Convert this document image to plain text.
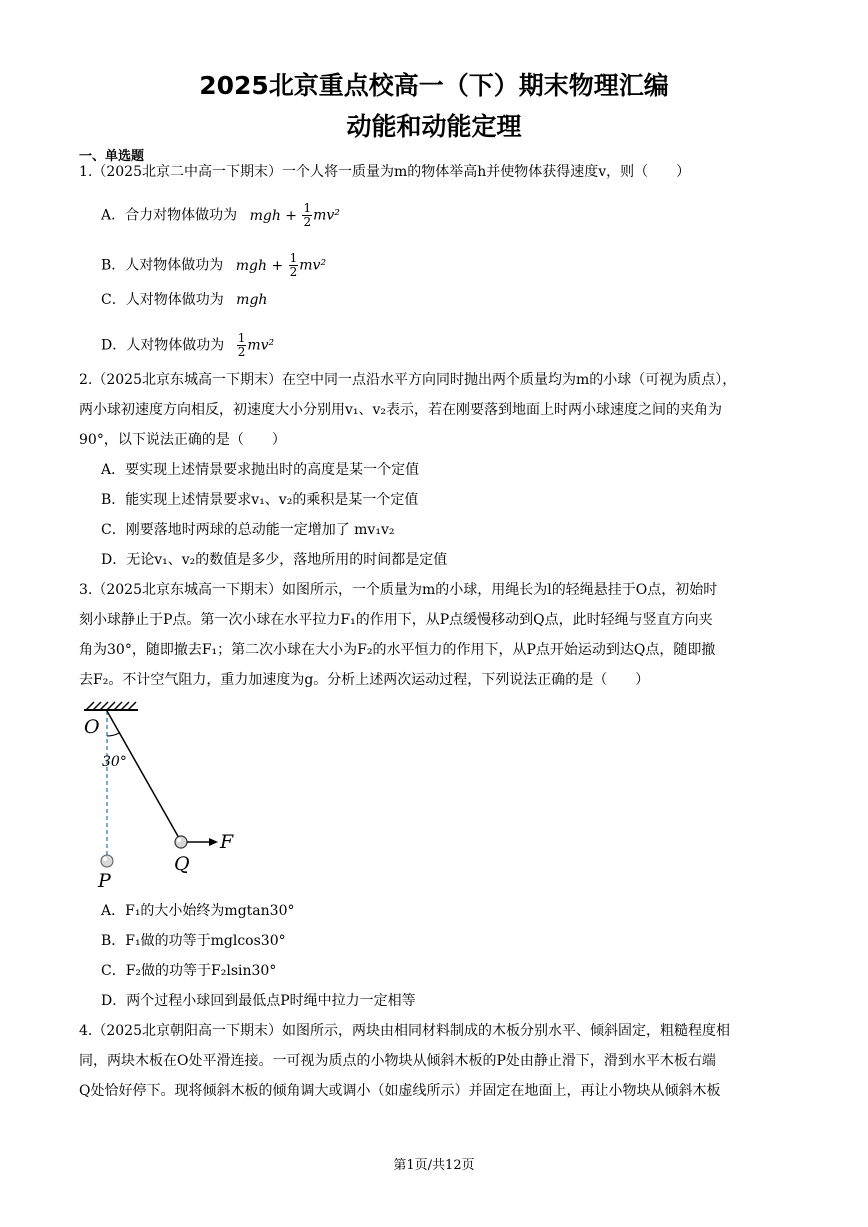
2025北京重点校高一（下）期末物理汇编
动能和动能定理
一、单选题
1.（2025北京二中高一下期末）一个人将一质量为m的物体举高h并使物体获得速度v，则（　　）
A．合力对物体做功为 mgh + $\frac{1}{2} mv^2$
B．人对物体做功为 mgh + $\frac{1}{2} mv^2$
C．人对物体做功为 mgh
D．人对物体做功为 $\frac{1}{2} mv^2$
2.（2025北京东城高一下期末）在空中同一点沿水平方向同时抛出两个质量均为m的小球（可视为质点），
两小球初速度方向相反，初速度大小分别用v₁、v₂表示，若在刚要落到地面上时两小球速度之间的夹角为
90°，以下说法正确的是（　　）
A．要实现上述情景要求抛出时的高度是某一个定值
B．能实现上述情景要求v₁、v₂的乘积是某一个定值
C．刚要落地时两球的总动能一定增加了 mv₁v₂
D．无论v₁、v₂的数值是多少，落地所用的时间都是定值
3.（2025北京东城高一下期末）如图所示，一个质量为m的小球，用绳长为l的轻绳悬挂于O点，初始时
刻小球静止于P点。第一次小球在水平拉力F₁的作用下，从P点缓慢移动到Q点，此时轻绳与竖直方向夹
角为30°，随即撤去F₁；第二次小球在大小为F₂的水平恒力的作用下，从P点开始运动到达Q点，随即撤
去F₂。不计空气阻力，重力加速度为g。分析上述两次运动过程，下列说法正确的是（　　）
O
30°
P
Q
F
A．F₁的大小始终为mgtan30°
B．F₁做的功等于mglcos30°
C．F₂做的功等于F₂lsin30°
D．两个过程小球回到最低点P时绳中拉力一定相等
4.（2025北京朝阳高一下期末）如图所示，两块由相同材料制成的木板分别水平、倾斜固定，粗糙程度相
同，两块木板在O处平滑连接。一可视为质点的小物块从倾斜木板的P处由静止滑下，滑到水平木板右端
Q处恰好停下。现将倾斜木板的倾角调大或调小（如虚线所示）并固定在地面上，再让小物块从倾斜木板
第1页/共12页
